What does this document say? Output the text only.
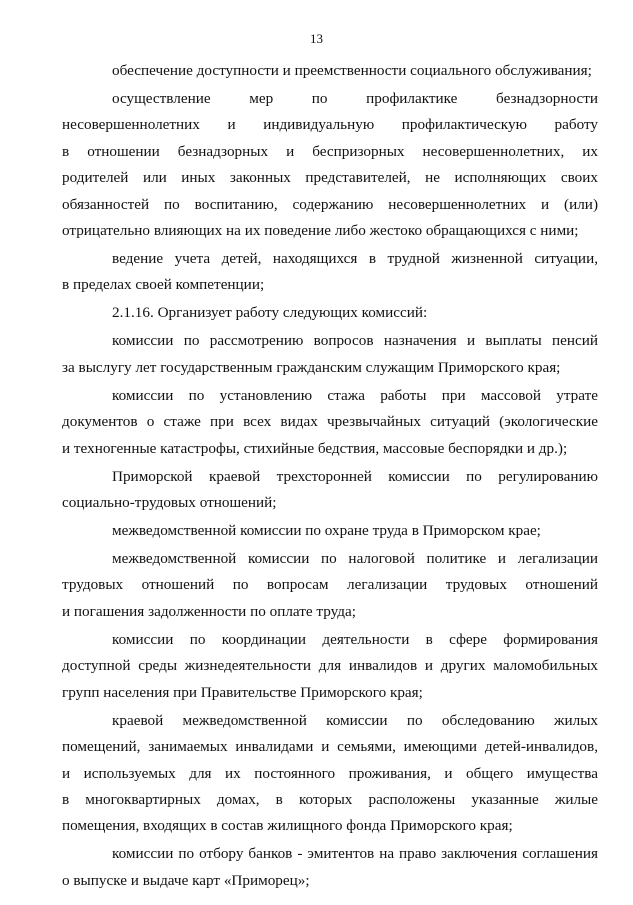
13

обеспечение доступности и преемственности социального обслуживания;

осуществление мер по профилактике безнадзорности
несовершеннолетних и индивидуальную профилактическую работу
в отношении безнадзорных и беспризорных несовершеннолетних, их
родителей или иных законных представителей, не исполняющих своих
обязанностей по воспитанию, содержанию несовершеннолетних и (или)
отрицательно влияющих на их поведение либо жестоко обращающихся с ними;

ведение учета детей, находящихся в трудной жизненной ситуации,
в пределах своей компетенции;

2.1.16. Организует работу следующих комиссий:

комиссии по рассмотрению вопросов назначения и выплаты пенсий
за выслугу лет государственным гражданским служащим Приморского края;

комиссии по установлению стажа работы при массовой утрате
документов о стаже при всех видах чрезвычайных ситуаций (экологические
и техногенные катастрофы, стихийные бедствия, массовые беспорядки и др.);

Приморской краевой трехсторонней комиссии по регулированию
социально-трудовых отношений;

межведомственной комиссии по охране труда в Приморском крае;

межведомственной комиссии по налоговой политике и легализации
трудовых отношений по вопросам легализации трудовых отношений
и погашения задолженности по оплате труда;

комиссии по координации деятельности в сфере формирования
доступной среды жизнедеятельности для инвалидов и других маломобильных
групп населения при Правительстве Приморского края;

краевой межведомственной комиссии по обследованию жилых
помещений, занимаемых инвалидами и семьями, имеющими детей-инвалидов,
и используемых для их постоянного проживания, и общего имущества
в многоквартирных домах, в которых расположены указанные жилые
помещения, входящих в состав жилищного фонда Приморского края;

комиссии по отбору банков - эмитентов на право заключения соглашения
о выпуске и выдаче карт «Приморец»;
